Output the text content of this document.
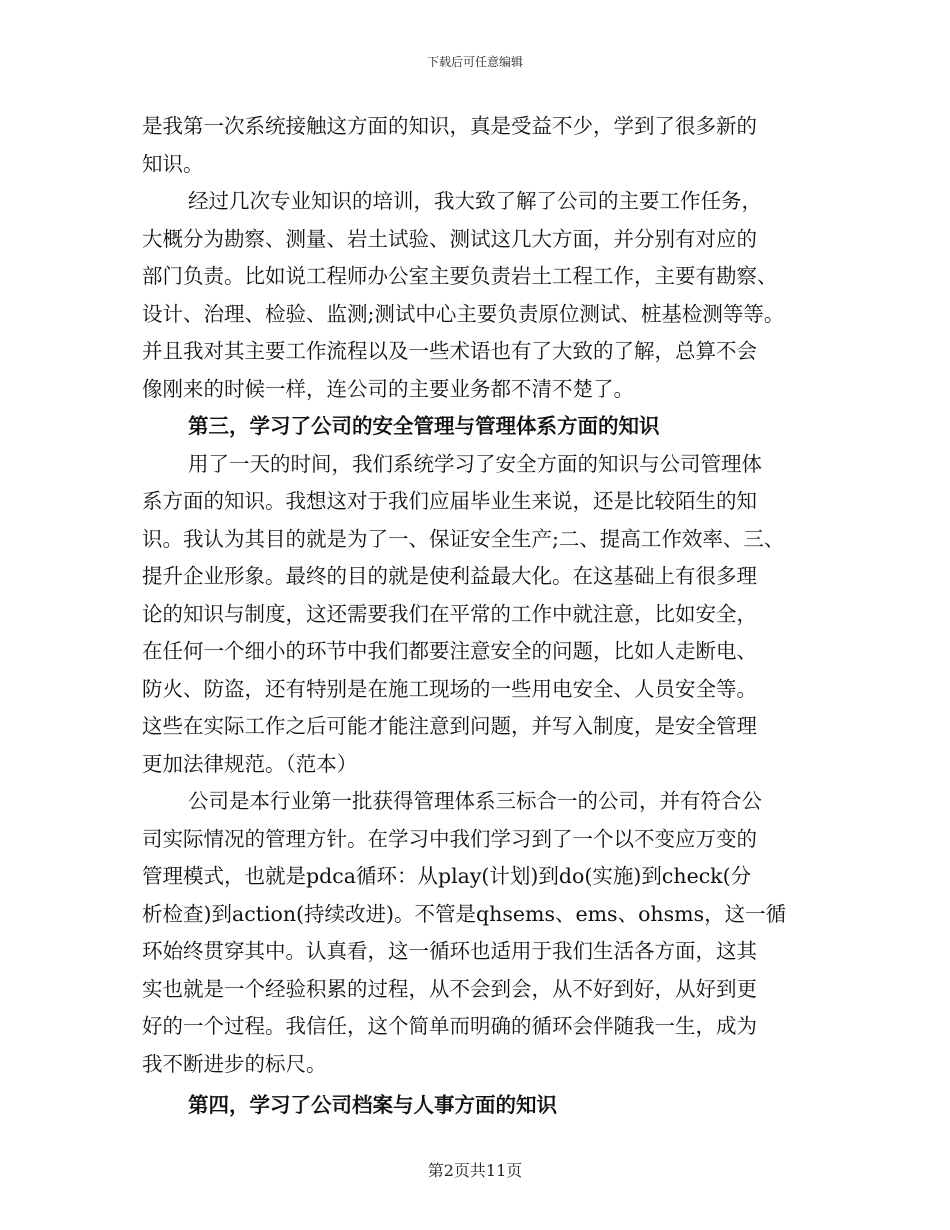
下载后可任意编辑
是我第一次系统接触这方面的知识，真是受益不少，学到了很多新的
知识。
经过几次专业知识的培训，我大致了解了公司的主要工作任务，
大概分为勘察、测量、岩土试验、测试这几大方面，并分别有对应的
部门负责。比如说工程师办公室主要负责岩土工程工作，主要有勘察、
设计、治理、检验、监测;测试中心主要负责原位测试、桩基检测等等。
并且我对其主要工作流程以及一些术语也有了大致的了解，总算不会
像刚来的时候一样，连公司的主要业务都不清不楚了。
第三，学习了公司的安全管理与管理体系方面的知识
用了一天的时间，我们系统学习了安全方面的知识与公司管理体
系方面的知识。我想这对于我们应届毕业生来说，还是比较陌生的知
识。我认为其目的就是为了一、保证安全生产;二、提高工作效率、三、
提升企业形象。最终的目的就是使利益最大化。在这基础上有很多理
论的知识与制度，这还需要我们在平常的工作中就注意，比如安全，
在任何一个细小的环节中我们都要注意安全的问题，比如人走断电、
防火、防盗，还有特别是在施工现场的一些用电安全、人员安全等。
这些在实际工作之后可能才能注意到问题，并写入制度，是安全管理
更加法律规范。（范本）
公司是本行业第一批获得管理体系三标合一的公司，并有符合公
司实际情况的管理方针。在学习中我们学习到了一个以不变应万变的
管理模式，也就是pdca循环：从play(计划)到do(实施)到check(分
析检查)到action(持续改进)。不管是qhsems、ems、ohsms，这一循
环始终贯穿其中。认真看，这一循环也适用于我们生活各方面，这其
实也就是一个经验积累的过程，从不会到会，从不好到好，从好到更
好的一个过程。我信任，这个简单而明确的循环会伴随我一生，成为
我不断进步的标尺。
第四，学习了公司档案与人事方面的知识
第2页共11页
